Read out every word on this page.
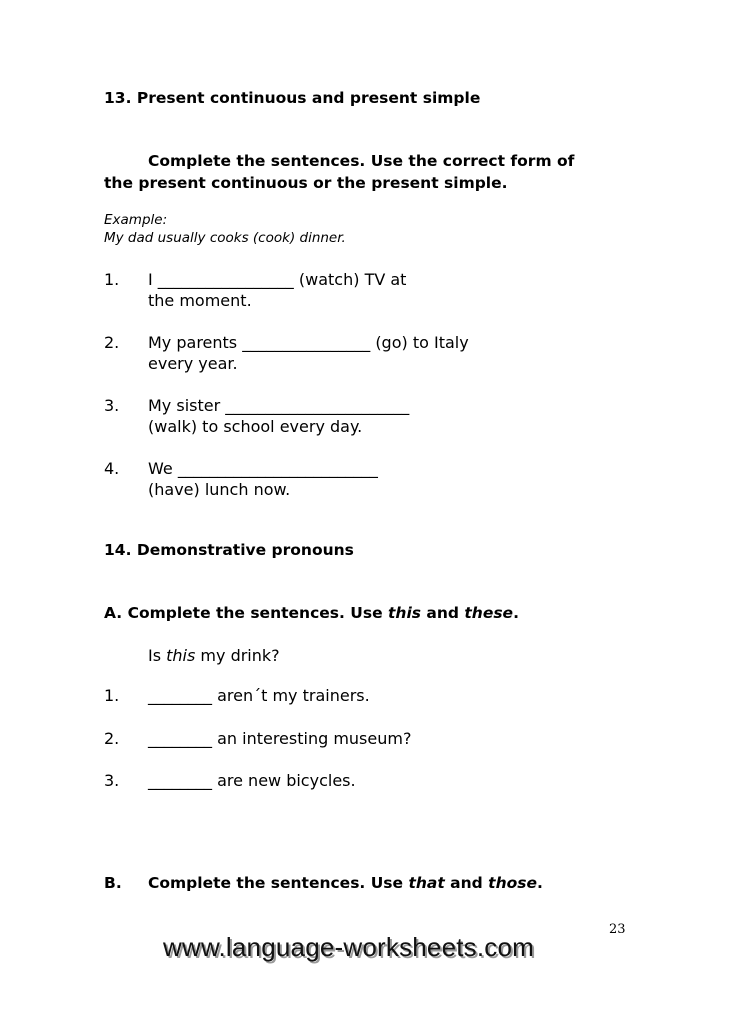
13. Present continuous and present simple
Complete the sentences. Use the correct form of
the present continuous or the present simple.
Example:
My dad usually cooks (cook) dinner.
1. I _________________ (watch) TV at
the moment.
2. My parents ________________ (go) to Italy
every year.
3. My sister _______________________
(walk) to school every day.
4. We _________________________
(have) lunch now.
14. Demonstrative pronouns
A. Complete the sentences. Use this and these.
Is this my drink?
1. ________ aren´t my trainers.
2. ________ an interesting museum?
3. ________ are new bicycles.
B. Complete the sentences. Use that and those.
23
www.language-worksheets.com
